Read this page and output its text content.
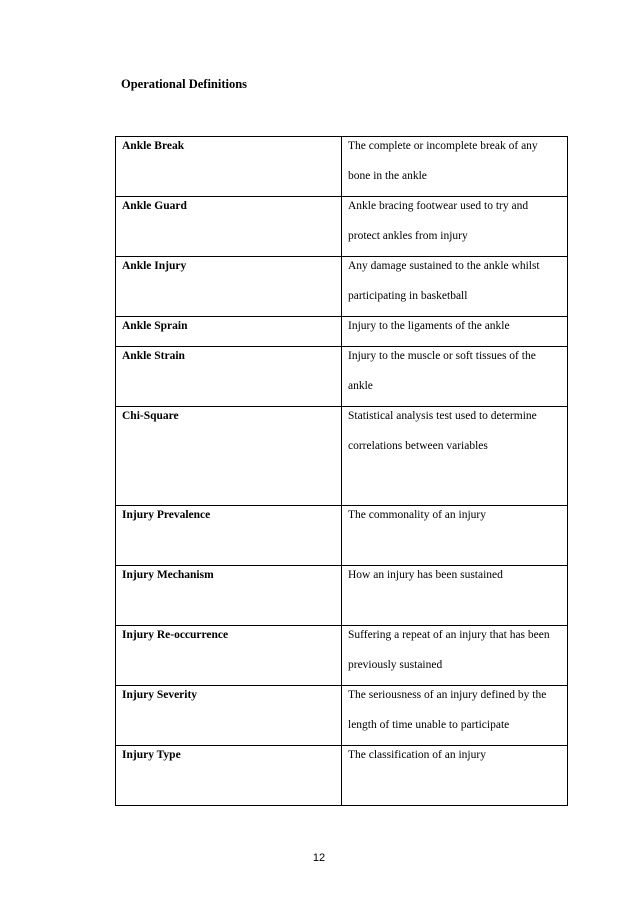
Operational Definitions

Ankle Break	The complete or incomplete break of any bone in the ankle

Ankle Guard	Ankle bracing footwear used to try and protect ankles from injury

Ankle Injury	Any damage sustained to the ankle whilst participating in basketball

Ankle Sprain	Injury to the ligaments of the ankle

Ankle Strain	Injury to the muscle or soft tissues of the ankle

Chi-Square	Statistical analysis test used to determine correlations between variables

Injury Prevalence	The commonality of an injury

Injury Mechanism	How an injury has been sustained

Injury Re-occurrence	Suffering a repeat of an injury that has been previously sustained

Injury Severity	The seriousness of an injury defined by the length of time unable to participate

Injury Type	The classification of an injury

12
